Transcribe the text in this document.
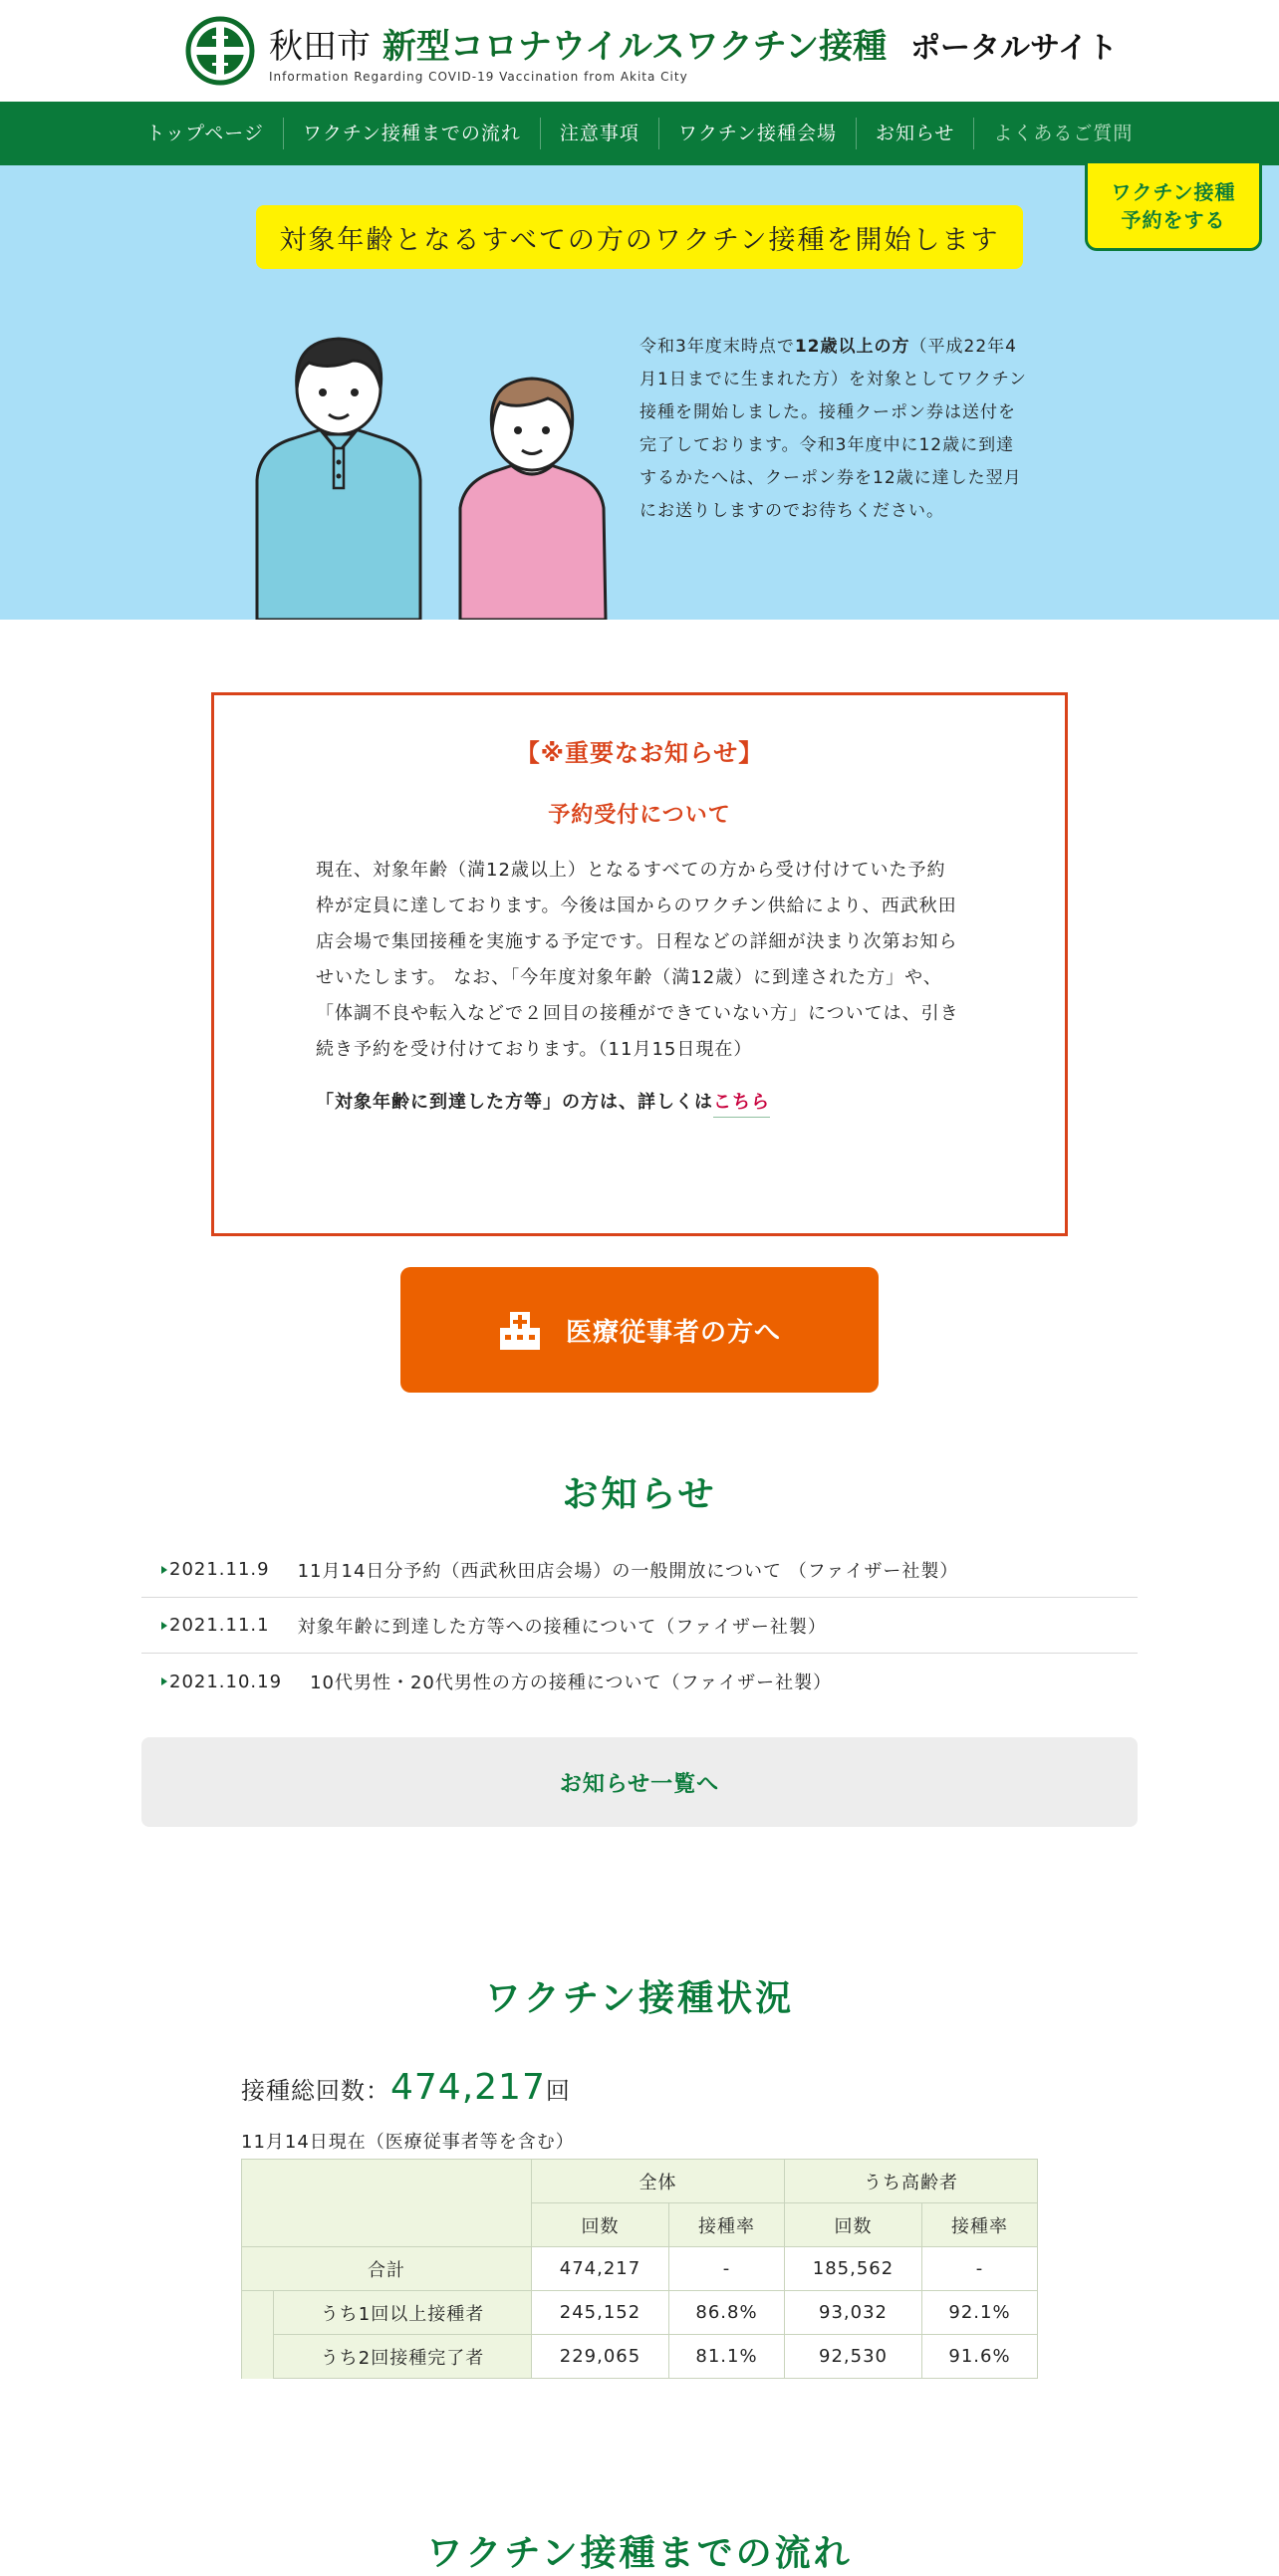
秋田市 新型コロナウイルスワクチン接種 ポータルサイト
Information Regarding COVID-19 Vaccination from Akita City
トップページ	ワクチン接種までの流れ	注意事項	ワクチン接種会場	お知らせ	よくあるご質問
ワクチン接種
予約をする
対象年齢となるすべての方のワクチン接種を開始します

令和3年度末時点で12歳以上の方（平成22年4月1日までに生まれた方）を対象としてワクチン接種を開始しました。接種クーポン券は送付を完了しております。令和3年度中に12歳に到達するかたへは、クーポン券を12歳に達した翌月にお送りしますのでお待ちください。

【※重要なお知らせ】
予約受付について

現在、対象年齢（満12歳以上）となるすべての方から受け付けていた予約枠が定員に達しております。今後は国からのワクチン供給により、西武秋田店会場で集団接種を実施する予定です。日程などの詳細が決まり次第お知らせいたします。 なお、「今年度対象年齢（満12歳）に到達された方」や、「体調不良や転入などで２回目の接種ができていない方」については、引き続き予約を受け付けております。（11月15日現在）

「対象年齢に到達した方等」の方は、詳しくはこちら

医療従事者の方へ
お知らせ
2021.11.9 11月14日分予約（西武秋田店会場）の一般開放について （ファイザー社製）
2021.11.1 対象年齢に到達した方等への接種について（ファイザー社製）
2021.10.19 10代男性・20代男性の方の接種について（ファイザー社製）
お知らせ一覧へ
ワクチン接種状況
接種総回数：474,217回
11月14日現在（医療従事者等を含む）
		全体		うち高齢者	
		回数	接種率	回数	接種率
合計		474,217	-	185,562	-
	うち1回以上接種者	245,152	86.8%	93,032	92.1%
	うち2回接種完了者	229,065	81.1%	92,530	91.6%
ワクチン接種までの流れ
